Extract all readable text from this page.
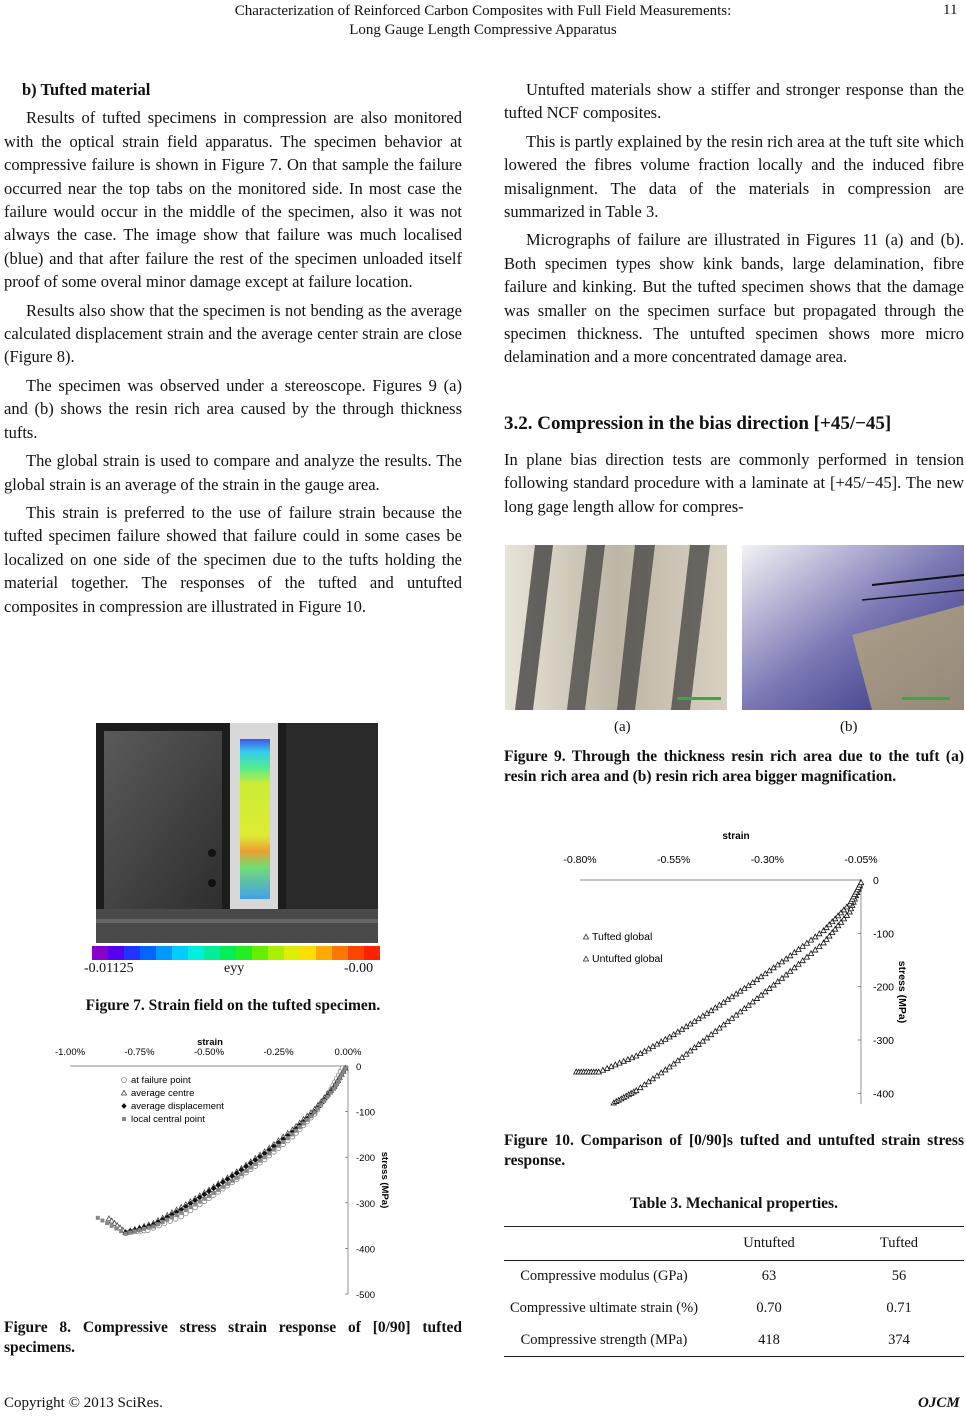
Characterization of Reinforced Carbon Composites with Full Field Measurements:
Long Gauge Length Compressive Apparatus
11

b) Tufted material

Results of tufted specimens in compression are also monitored with the optical strain field apparatus. The specimen behavior at compressive failure is shown in Figure 7. On that sample the failure occurred near the top tabs on the monitored side. In most case the failure would occur in the middle of the specimen, also it was not always the case. The image show that failure was much localised (blue) and that after failure the rest of the specimen unloaded itself proof of some overal minor damage except at failure location.

Results also show that the specimen is not bending as the average calculated displacement strain and the average center strain are close (Figure 8).

The specimen was observed under a stereoscope. Figures 9 (a) and (b) shows the resin rich area caused by the through thickness tufts.

The global strain is used to compare and analyze the results. The global strain is an average of the strain in the gauge area.

This strain is preferred to the use of failure strain because the tufted specimen failure showed that failure could in some cases be localized on one side of the specimen due to the tufts holding the material together. The responses of the tufted and untufted composites in compression are illustrated in Figure 10.

-0.01125	eyy	-0.00
Figure 7. Strain field on the tufted specimen.
strain
-1.00%	-0.75%	-0.50%	-0.25%	0.00%
0
-100
-200
-300
-400
-500
stress (MPa)
at failure point
average centre
average displacement
local central point
Figure 8. Compressive stress strain response of [0/90] tufted specimens.

Untufted materials show a stiffer and stronger response than the tufted NCF composites.

This is partly explained by the resin rich area at the tuft site which lowered the fibres volume fraction locally and the induced fibre misalignment. The data of the materials in compression are summarized in Table 3.

Micrographs of failure are illustrated in Figures 11 (a) and (b). Both specimen types show kink bands, large delamination, fibre failure and kinking. But the tufted specimen shows that the damage was smaller on the specimen surface but propagated through the specimen thickness. The untufted specimen shows more micro delamination and a more concentrated damage area.

3.2. Compression in the bias direction [+45/−45]

In plane bias direction tests are commonly performed in tension following standard procedure with a laminate at [+45/−45]. The new long gage length allow for compres-

(a)	(b)
Figure 9. Through the thickness resin rich area due to the tuft (a) resin rich area and (b) resin rich area bigger magnification.
strain
-0.80%	-0.55%	-0.30%	-0.05%
0
-100
-200
-300
-400
stress (MPa)
Tufted global
Untufted global
Figure 10. Comparison of [0/90]s tufted and untufted strain stress response.
Table 3. Mechanical properties.
	Untufted	Tufted
Compressive modulus (GPa)	63	56
Compressive ultimate strain (%)	0.70	0.71
Compressive strength (MPa)	418	374
Copyright © 2013 SciRes.	OJCM
